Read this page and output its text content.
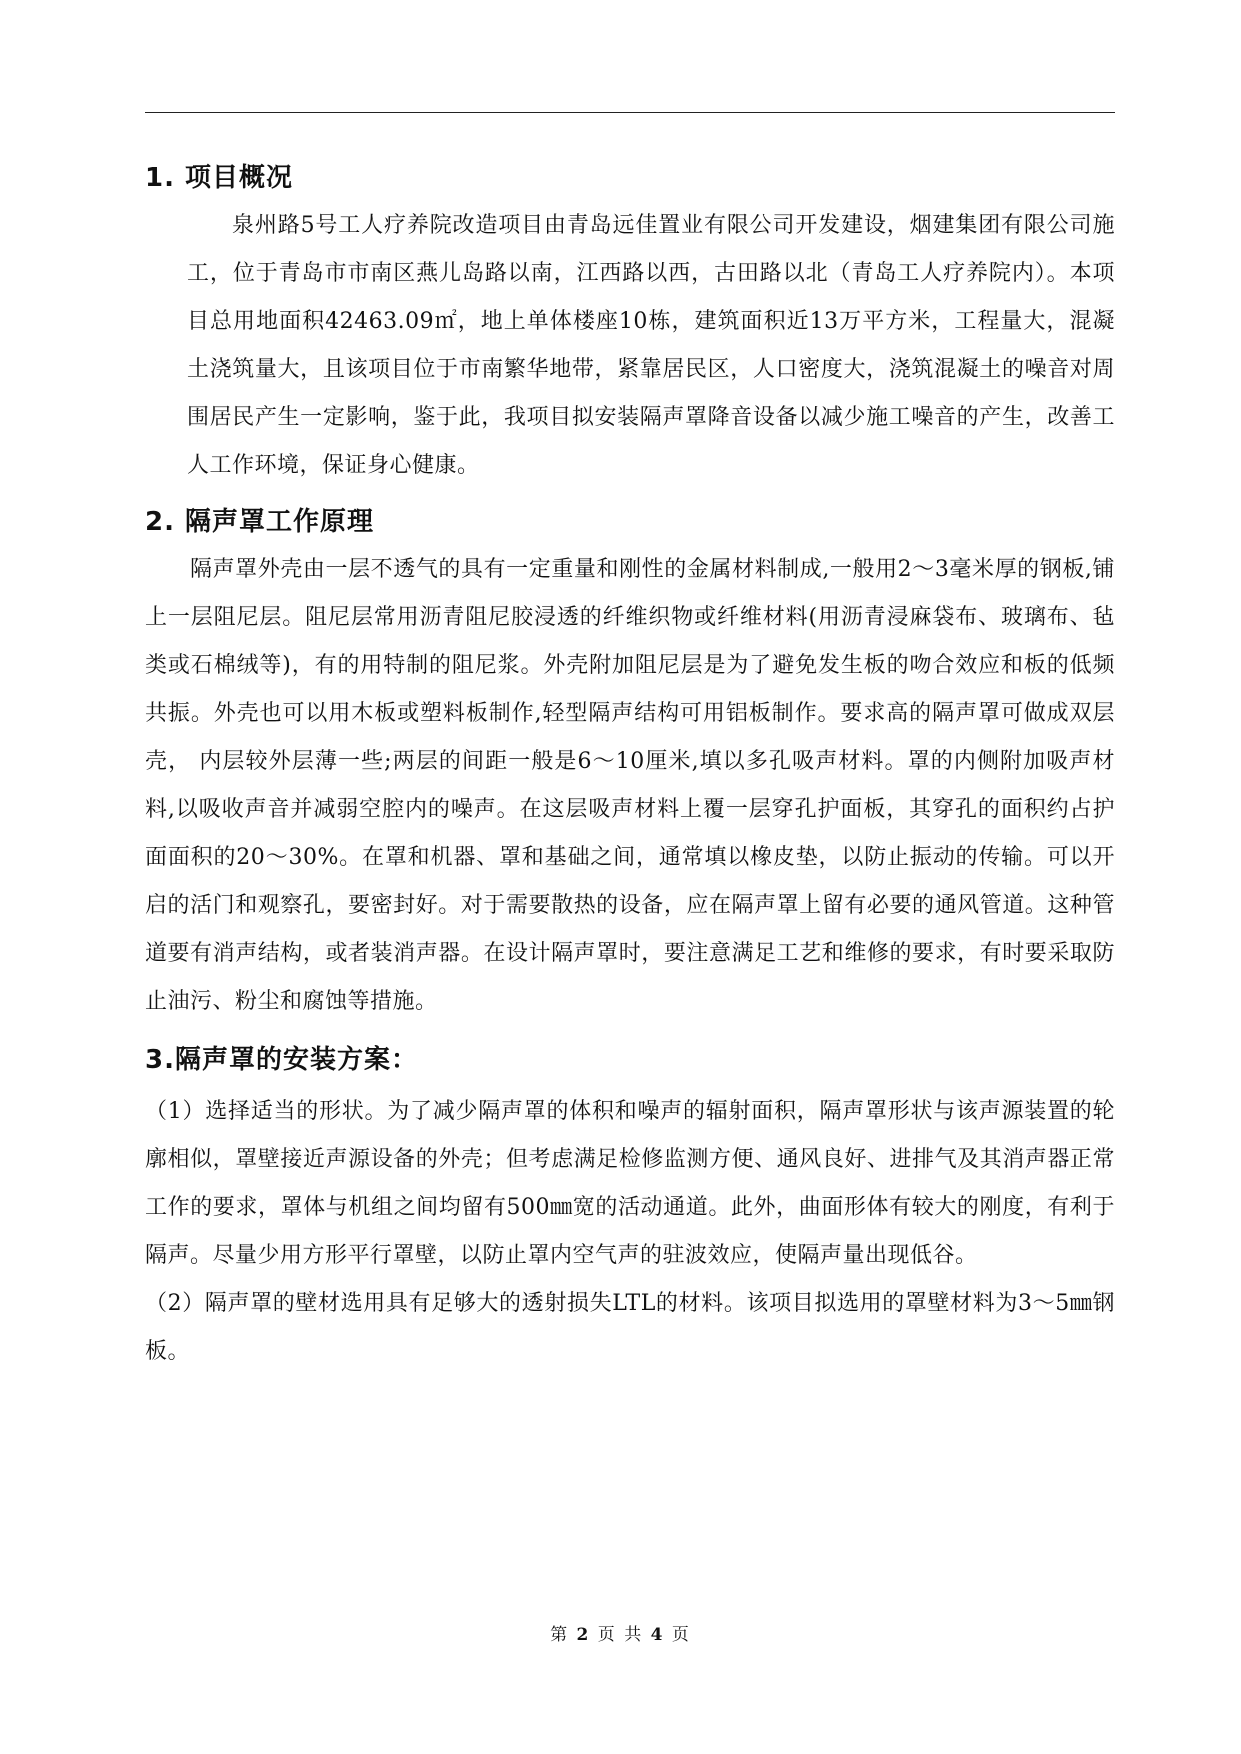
1. 项目概况

泉州路5号工人疗养院改造项目由青岛远佳置业有限公司开发建设，烟建集团有限公司施工，位于青岛市市南区燕儿岛路以南，江西路以西，古田路以北（青岛工人疗养院内）。本项目总用地面积42463.09㎡，地上单体楼座10栋，建筑面积近13万平方米，工程量大，混凝土浇筑量大，且该项目位于市南繁华地带，紧靠居民区，人口密度大，浇筑混凝土的噪音对周围居民产生一定影响，鉴于此，我项目拟安装隔声罩降音设备以减少施工噪音的产生，改善工人工作环境，保证身心健康。

2. 隔声罩工作原理

隔声罩外壳由一层不透气的具有一定重量和刚性的金属材料制成,一般用2～3毫米厚的钢板,铺上一层阻尼层。阻尼层常用沥青阻尼胶浸透的纤维织物或纤维材料(用沥青浸麻袋布、玻璃布、毡类或石棉绒等)，有的用特制的阻尼浆。外壳附加阻尼层是为了避免发生板的吻合效应和板的低频共振。外壳也可以用木板或塑料板制作,轻型隔声结构可用铝板制作。要求高的隔声罩可做成双层壳， 内层较外层薄一些;两层的间距一般是6～10厘米,填以多孔吸声材料。罩的内侧附加吸声材料,以吸收声音并减弱空腔内的噪声。在这层吸声材料上覆一层穿孔护面板，其穿孔的面积约占护面面积的20～30%。在罩和机器、罩和基础之间，通常填以橡皮垫，以防止振动的传输。可以开启的活门和观察孔，要密封好。对于需要散热的设备，应在隔声罩上留有必要的通风管道。这种管道要有消声结构，或者装消声器。在设计隔声罩时，要注意满足工艺和维修的要求，有时要采取防止油污、粉尘和腐蚀等措施。

3.隔声罩的安装方案：

（1）选择适当的形状。为了减少隔声罩的体积和噪声的辐射面积，隔声罩形状与该声源装置的轮廓相似，罩壁接近声源设备的外壳；但考虑满足检修监测方便、通风良好、进排气及其消声器正常工作的要求，罩体与机组之间均留有500㎜宽的活动通道。此外，曲面形体有较大的刚度，有利于隔声。尽量少用方形平行罩壁，以防止罩内空气声的驻波效应，使隔声量出现低谷。

（2）隔声罩的壁材选用具有足够大的透射损失LTL的材料。该项目拟选用的罩壁材料为3～5㎜钢板。

第 2 页 共 4 页
